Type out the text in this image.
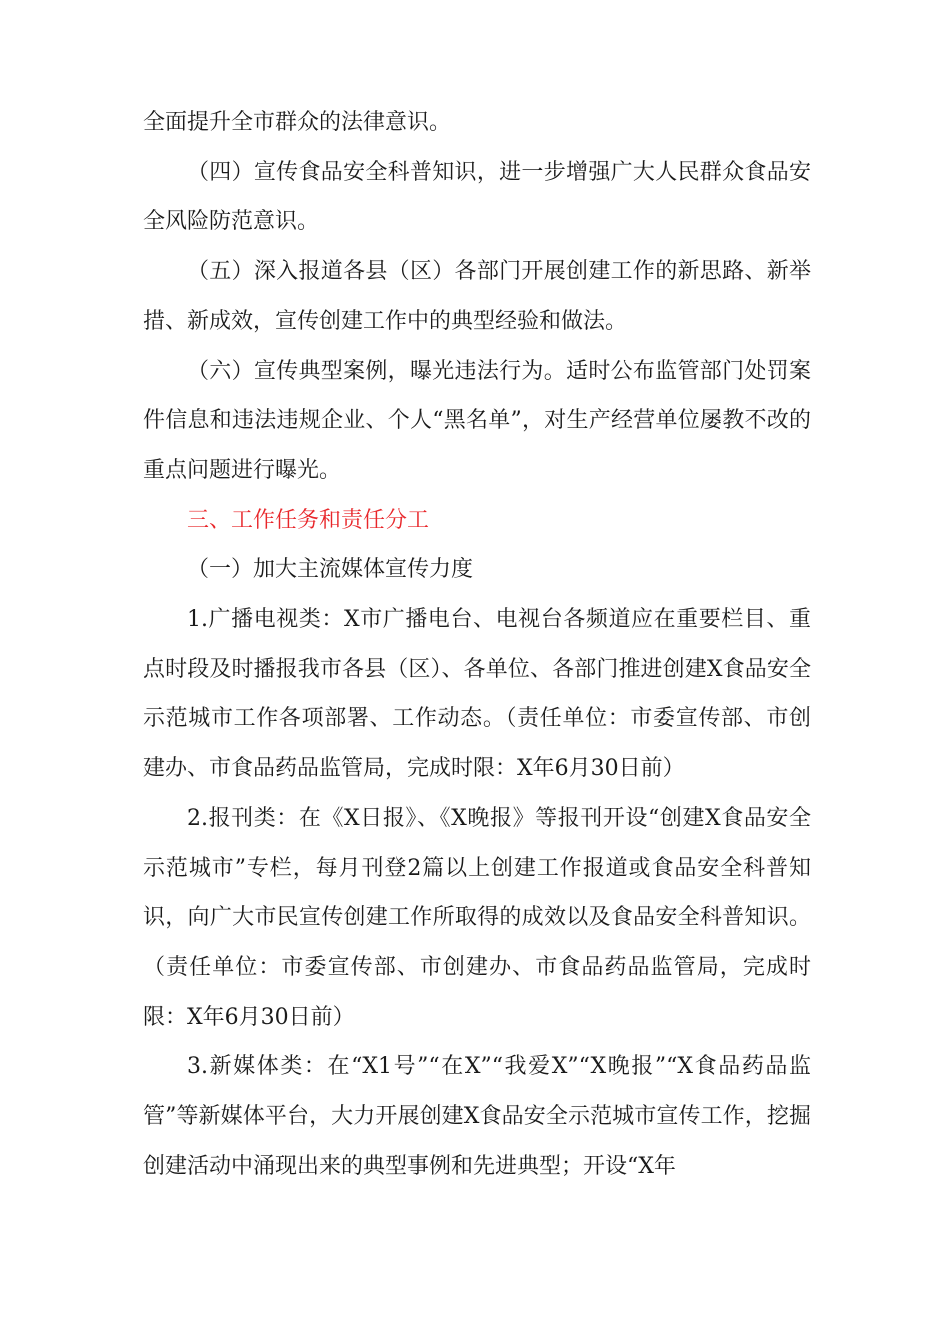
全面提升全市群众的法律意识。

（四）宣传食品安全科普知识，进一步增强广大人民群众食品安全风险防范意识。

（五）深入报道各县（区）各部门开展创建工作的新思路、新举措、新成效，宣传创建工作中的典型经验和做法。

（六）宣传典型案例，曝光违法行为。适时公布监管部门处罚案件信息和违法违规企业、个人“黑名单”，对生产经营单位屡教不改的重点问题进行曝光。

三、工作任务和责任分工

（一）加大主流媒体宣传力度

1.广播电视类：X市广播电台、电视台各频道应在重要栏目、重点时段及时播报我市各县（区）、各单位、各部门推进创建X食品安全示范城市工作各项部署、工作动态。（责任单位：市委宣传部、市创建办、市食品药品监管局，完成时限：X年6月30日前）

2.报刊类：在《X日报》、《X晚报》等报刊开设“创建X食品安全示范城市”专栏，每月刊登2篇以上创建工作报道或食品安全科普知识，向广大市民宣传创建工作所取得的成效以及食品安全科普知识。（责任单位：市委宣传部、市创建办、市食品药品监管局，完成时限：X年6月30日前）

3.新媒体类：在“X1号”“在X”“我爱X”“X晚报”“X食品药品监管”等新媒体平台，大力开展创建X食品安全示范城市宣传工作，挖掘创建活动中涌现出来的典型事例和先进典型；开设“X年
